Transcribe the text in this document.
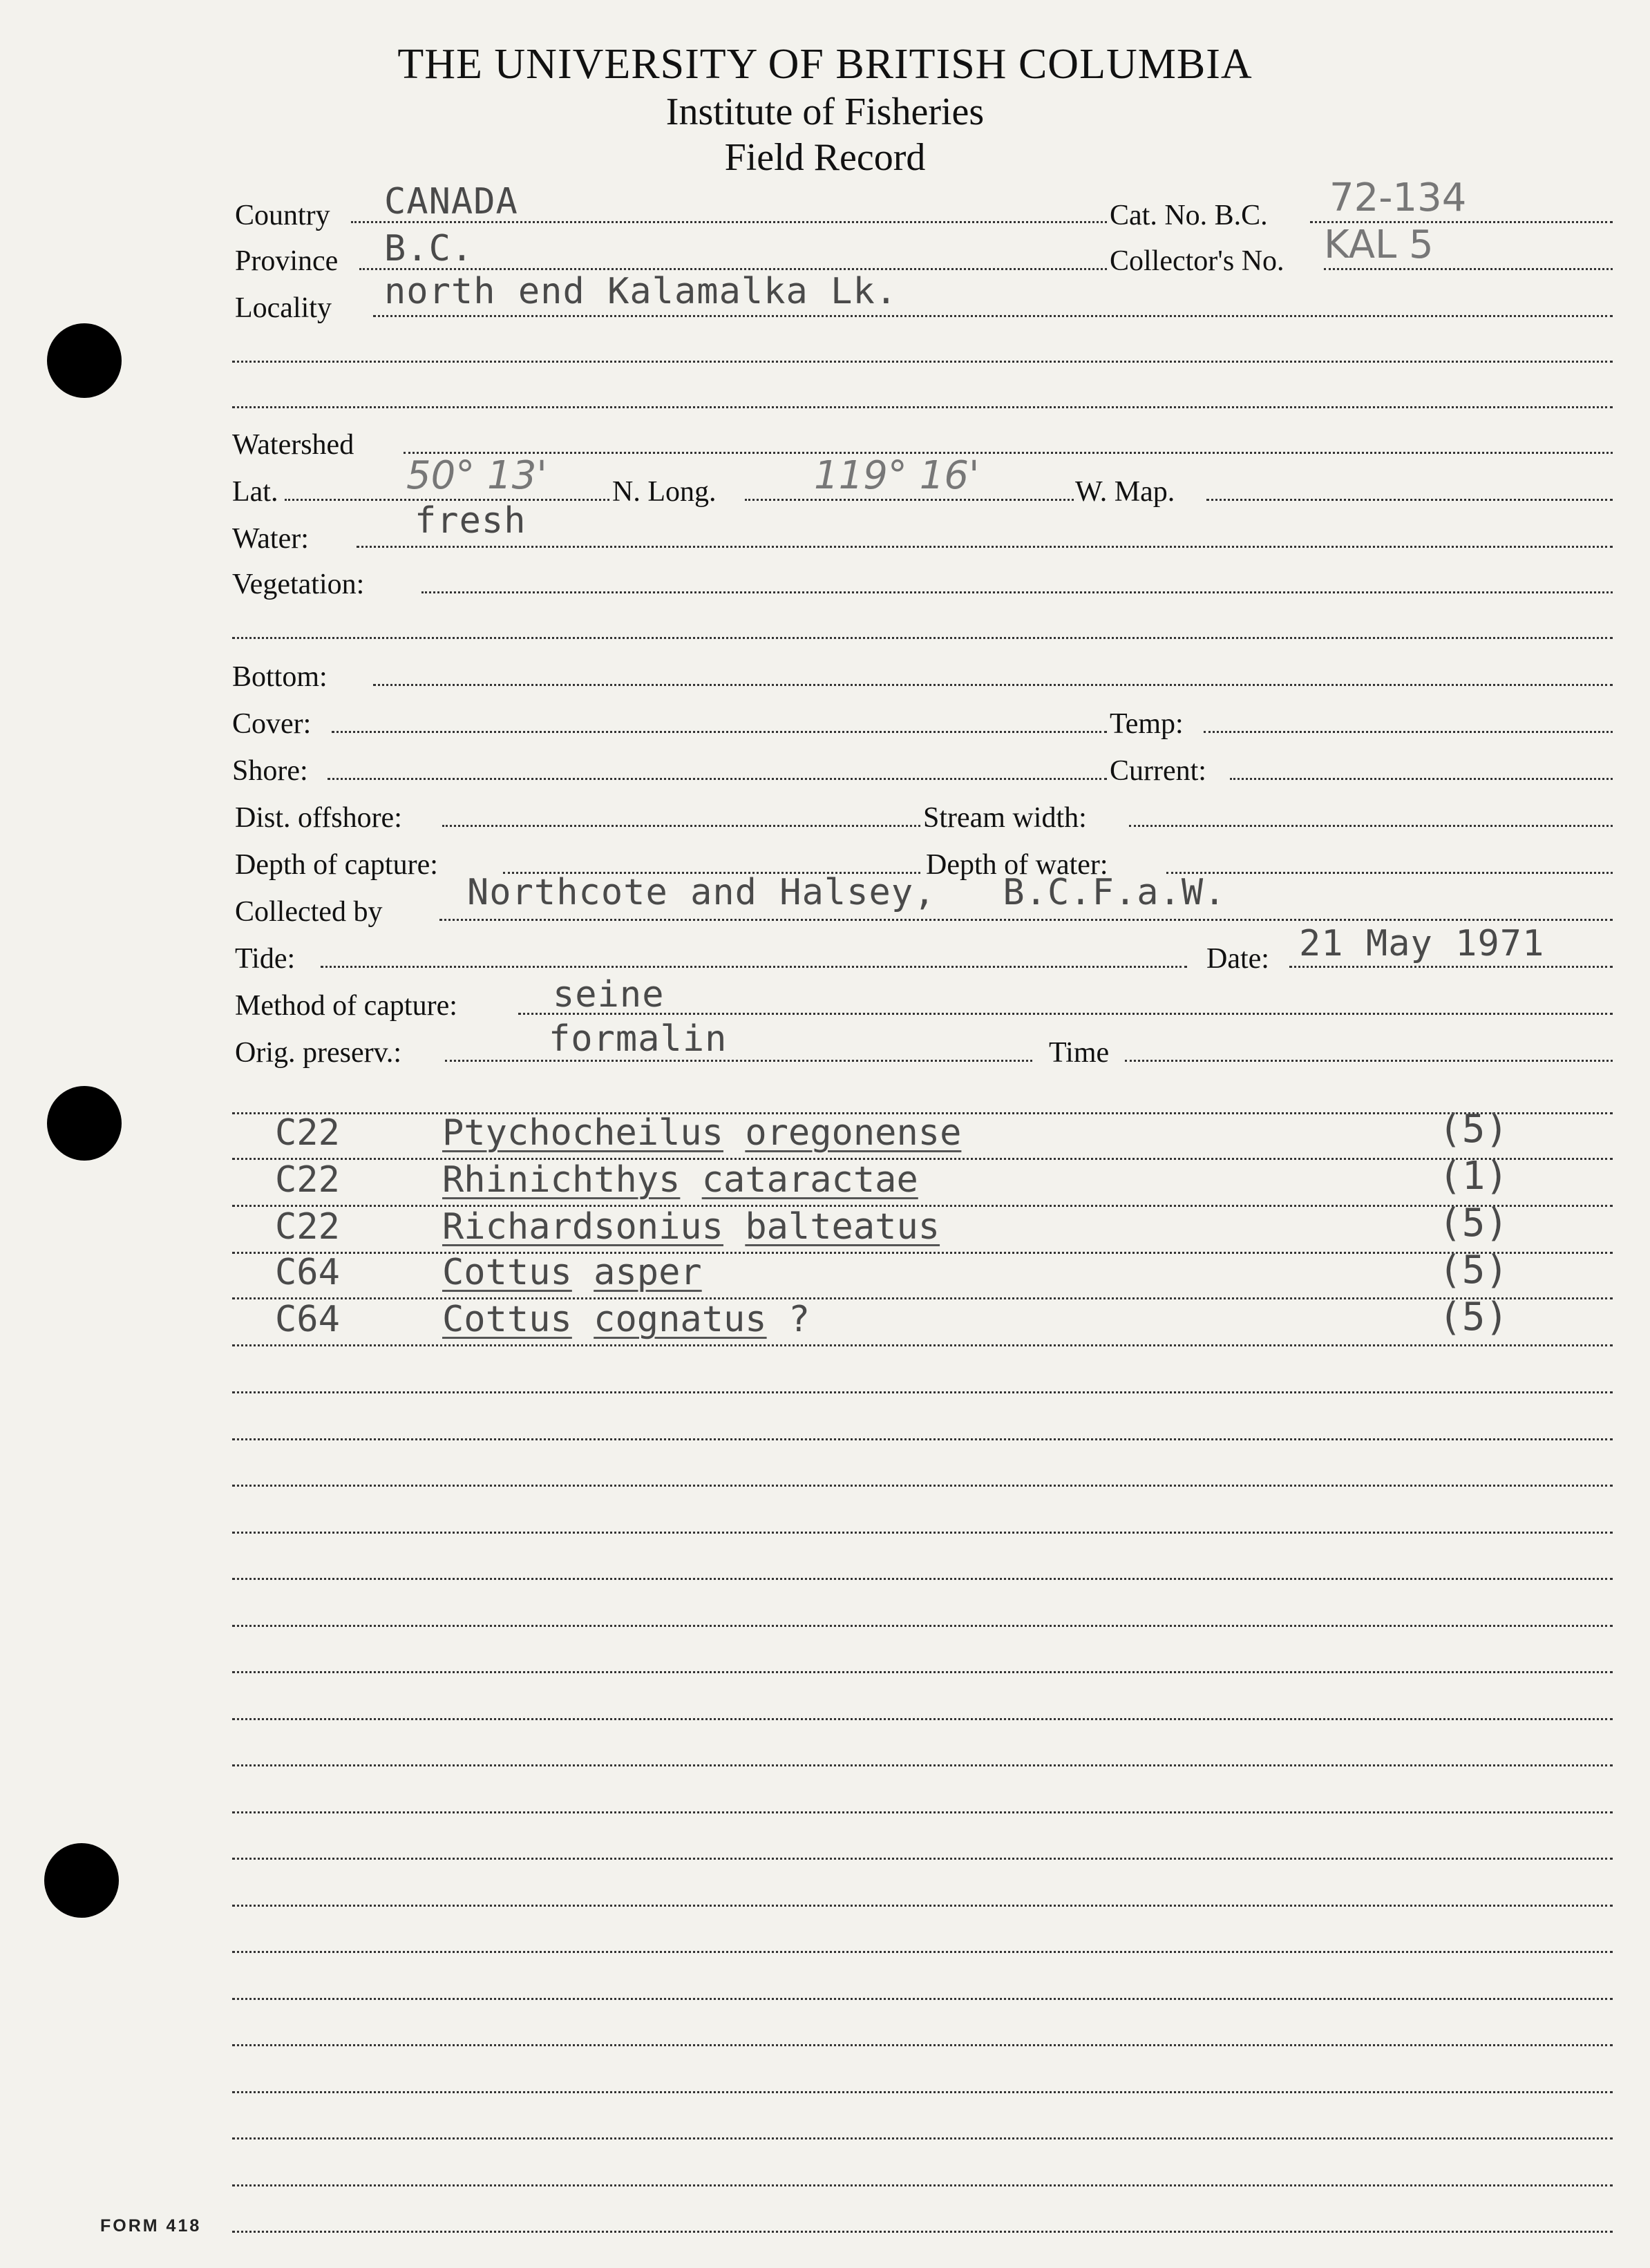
THE UNIVERSITY OF BRITISH COLUMBIA
Institute of Fisheries
Field Record
Country CANADA	Cat. No. B.C. 72-134
Province B.C.	Collector's No. KAL 5
Locality north end Kalamalka Lk.
Watershed
Lat.	50° 13' N. Long.	119° 16'	W. Map.
Water:	fresh
Vegetation:
Bottom:
Cover:	Temp:
Shore:	Current:
Dist. offshore:	Stream width:
Depth of capture:	Depth of water:
Collected by Northcote and Halsey,   B.C.F.a.W.
Tide:	Date: 21 May 1971
Method of capture:	seine
Orig. preserv.:	formalin	Time
C22	Ptychocheilus oregonense	(5)
C22	Rhinichthys cataractae	(1)
C22	Richardsonius balteatus	(5)
C64	Cottus asper	(5)
C64	Cottus cognatus ?	(5)
FORM 418
